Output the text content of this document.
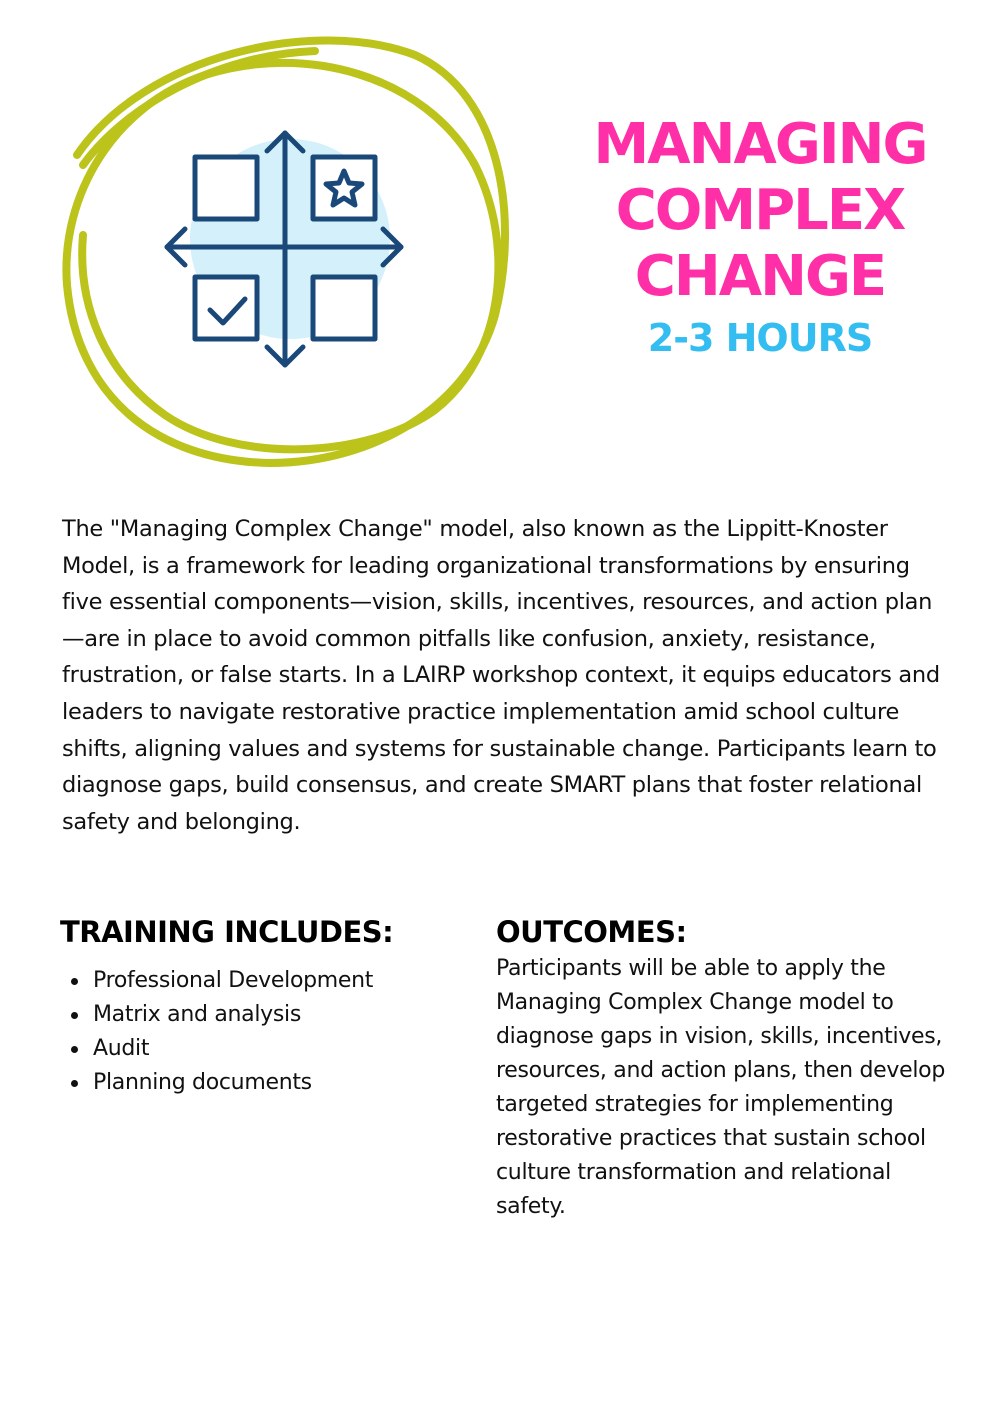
MANAGING
COMPLEX
CHANGE
2-3 HOURS

The "Managing Complex Change" model, also known as the Lippitt-Knoster Model, is a framework for leading organizational transformations by ensuring five essential components—vision, skills, incentives, resources, and action plan—are in place to avoid common pitfalls like confusion, anxiety, resistance, frustration, or false starts. In a LAIRP workshop context, it equips educators and leaders to navigate restorative practice implementation amid school culture shifts, aligning values and systems for sustainable change. Participants learn to diagnose gaps, build consensus, and create SMART plans that foster relational safety and belonging.

TRAINING INCLUDES:
Professional Development
Matrix and analysis
Audit
Planning documents
OUTCOMES:

Participants will be able to apply the Managing Complex Change model to diagnose gaps in vision, skills, incentives, resources, and action plans, then develop targeted strategies for implementing restorative practices that sustain school culture transformation and relational safety.
